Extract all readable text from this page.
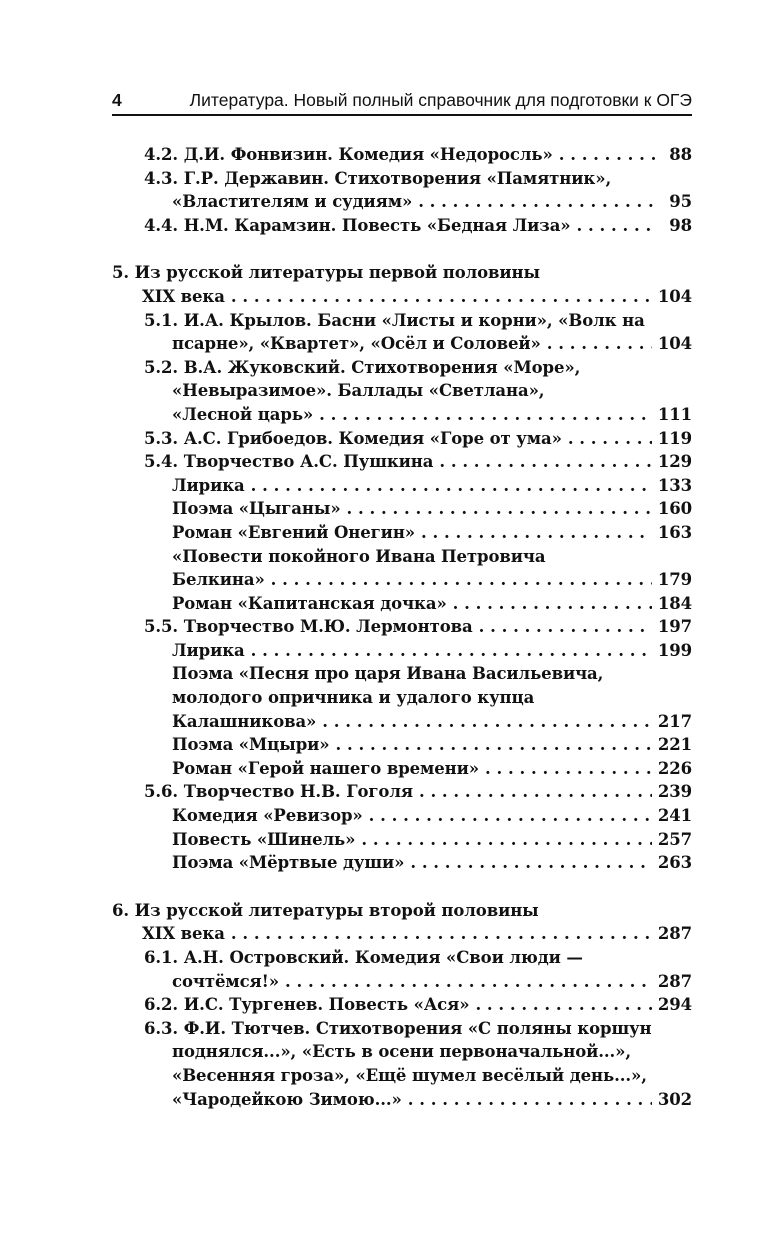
4	Литература. Новый полный справочник для подготовки к ОГЭ
4.2. Д.И. Фонвизин. Комедия «Недоросль» . . .	88
4.3. Г.Р. Державин. Стихотворения «Памятник»,
«Властителям и судиям» . . .	95
4.4. Н.М. Карамзин. Повесть «Бедная Лиза» . . .	98
5. Из русской литературы первой половины
XIX века . . .	104
5.1. И.А. Крылов. Басни «Листы и корни», «Волк на
псарне», «Квартет», «Осёл и Соловей» . . .	104
5.2. В.А. Жуковский. Стихотворения «Море»,
«Невыразимое». Баллады «Светлана»,
«Лесной царь» . . .	111
5.3. А.С. Грибоедов. Комедия «Горе от ума» . . .	119
5.4. Творчество А.С. Пушкина . . .	129
Лирика . . .	133
Поэма «Цыганы» . . .	160
Роман «Евгений Онегин» . . .	163
«Повести покойного Ивана Петровича
Белкина» . . .	179
Роман «Капитанская дочка» . . .	184
5.5. Творчество М.Ю. Лермонтова . . .	197
Лирика . . .	199
Поэма «Песня про царя Ивана Васильевича,
молодого опричника и удалого купца
Калашникова» . . .	217
Поэма «Мцыри» . . .	221
Роман «Герой нашего времени» . . .	226
5.6. Творчество Н.В. Гоголя . . .	239
Комедия «Ревизор» . . .	241
Повесть «Шинель» . . .	257
Поэма «Мёртвые души» . . .	263
6. Из русской литературы второй половины
XIX века . . .	287
6.1. А.Н. Островский. Комедия «Свои люди —
сочтёмся!» . . .	287
6.2. И.С. Тургенев. Повесть «Ася» . . .	294
6.3. Ф.И. Тютчев. Стихотворения «С поляны коршун
поднялся...», «Есть в осени первоначальной...»,
«Весенняя гроза», «Ещё шумел весёлый день...»,
«Чародейкою Зимою...» . . .	302
